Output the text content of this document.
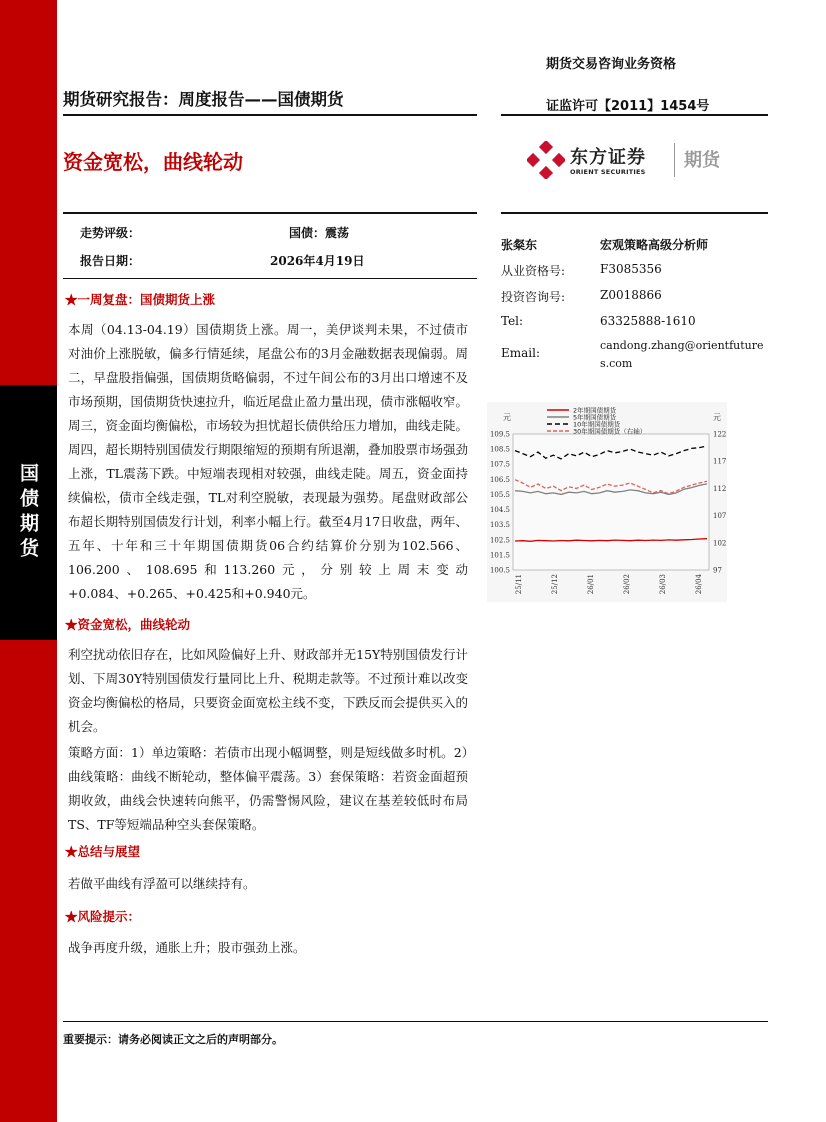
国债期货
期货交易咨询业务资格
证监许可【2011】1454号
期货研究报告：周度报告——国债期货
资金宽松，曲线轮动	东方证券
ORIENT SECURITIES
期货
走势评级：	国债：震荡
报告日期：	2026年4月19日
张粲东	宏观策略高级分析师
从业资格号:	F3085356
投资咨询号:	Z0018866
Tel:	63325888-1610
Email:
candong.zhang@orientfutures.com
元	元
2年期国债期货
5年期国债期货
10年期国债期货
30年期国债期货（右轴）
109.5
108.5
107.5
106.5
105.5
104.5
103.5
102.5
101.5
100.5
122
117
112
107
102
97
25/11	25/12	26/01	26/02	26/03	26/04
★一周复盘：国债期货上涨
本周（04.13-04.19）国债期货上涨。周一，美伊谈判未果，不过债市对油价上涨脱敏，偏多行情延续，尾盘公布的3月金融数据表现偏弱。周二，早盘股指偏强，国债期货略偏弱，不过午间公布的3月出口增速不及市场预期，国债期货快速拉升，临近尾盘止盈力量出现，债市涨幅收窄。周三，资金面均衡偏松，市场较为担忧超长债供给压力增加，曲线走陡。周四，超长期特别国债发行期限缩短的预期有所退潮，叠加股票市场强劲上涨，TL震荡下跌。中短端表现相对较强，曲线走陡。周五，资金面持续偏松，债市全线走强，TL对利空脱敏，表现最为强势。尾盘财政部公布超长期特别国债发行计划，利率小幅上行。截至4月17日收盘，两年、五年、十年和三十年期国债期货06合约结算价分别为102.566、106.200、108.695和113.260元，分别较上周末变动+0.084、+0.265、+0.425和+0.940元。
★资金宽松，曲线轮动
利空扰动依旧存在，比如风险偏好上升、财政部并无15Y特别国债发行计划、下周30Y特别国债发行量同比上升、税期走款等。不过预计难以改变资金均衡偏松的格局，只要资金面宽松主线不变，下跌反而会提供买入的机会。
策略方面：1）单边策略：若债市出现小幅调整，则是短线做多时机。2）曲线策略：曲线不断轮动，整体偏平震荡。3）套保策略：若资金面超预期收敛，曲线会快速转向熊平，仍需警惕风险，建议在基差较低时布局TS、TF等短端品种空头套保策略。
★总结与展望
若做平曲线有浮盈可以继续持有。
★风险提示：
战争再度升级，通胀上升；股市强劲上涨。
重要提示：请务必阅读正文之后的声明部分。
